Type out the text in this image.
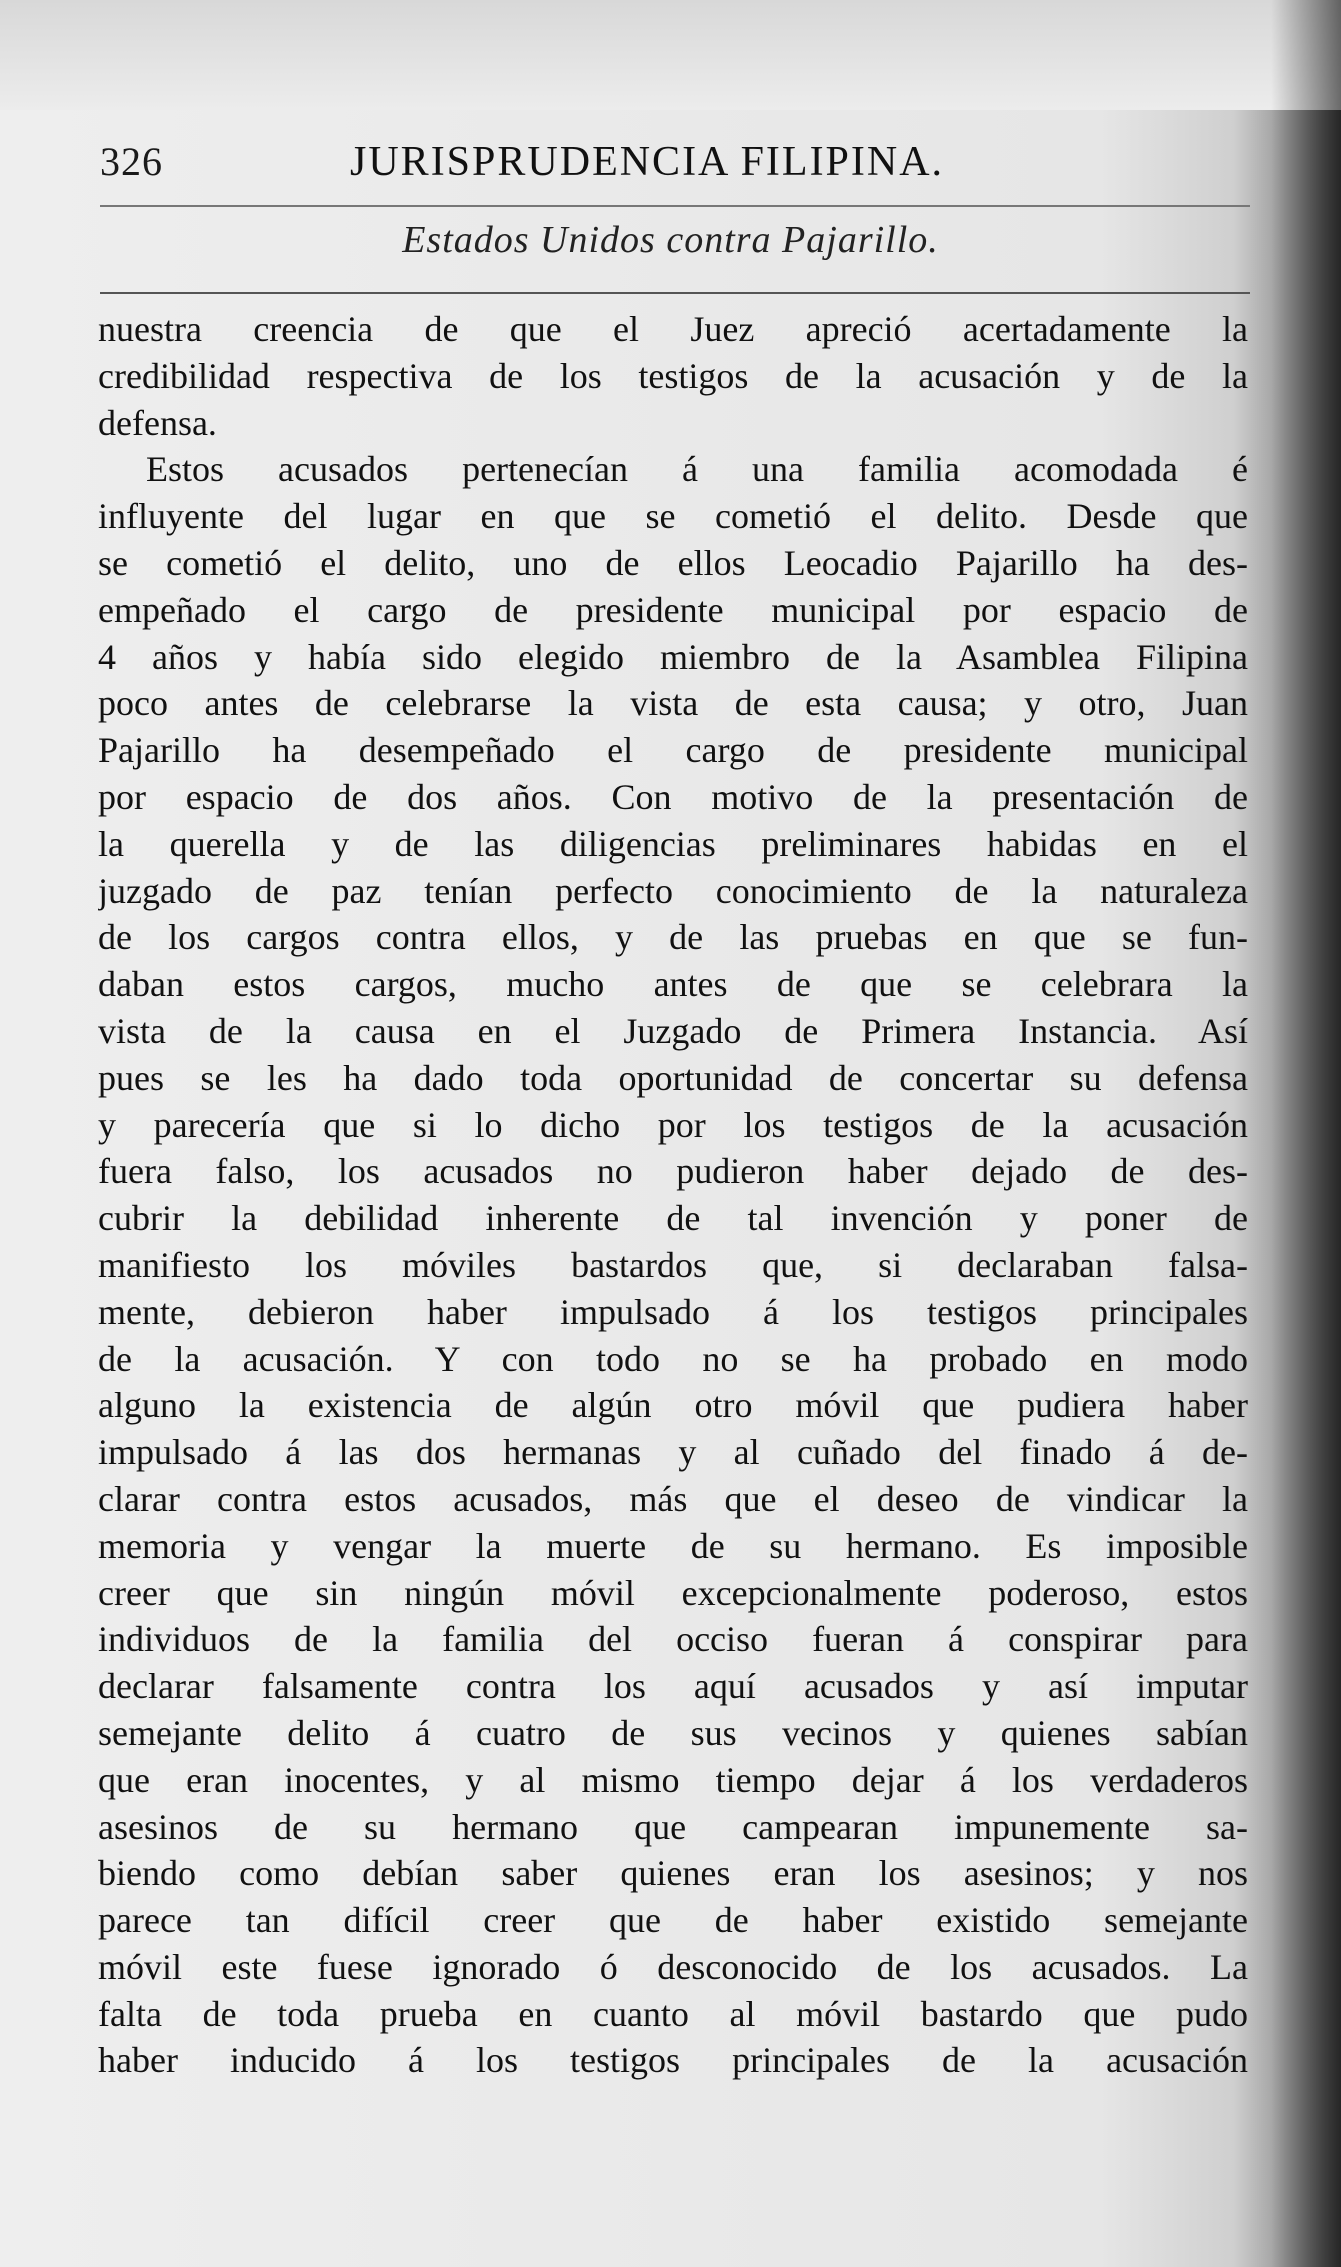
326	JURISPRUDENCIA FILIPINA.
Estados Unidos contra Pajarillo.
nuestra creencia de que el Juez apreció acertadamente la
credibilidad respectiva de los testigos de la acusación y de la
defensa.
Estos acusados pertenecían á una familia acomodada é
influyente del lugar en que se cometió el delito. Desde que
se cometió el delito, uno de ellos Leocadio Pajarillo ha des-
empeñado el cargo de presidente municipal por espacio de
4 años y había sido elegido miembro de la Asamblea Filipina
poco antes de celebrarse la vista de esta causa; y otro, Juan
Pajarillo ha desempeñado el cargo de presidente municipal
por espacio de dos años. Con motivo de la presentación de
la querella y de las diligencias preliminares habidas en el
juzgado de paz tenían perfecto conocimiento de la naturaleza
de los cargos contra ellos, y de las pruebas en que se fun-
daban estos cargos, mucho antes de que se celebrara la
vista de la causa en el Juzgado de Primera Instancia. Así
pues se les ha dado toda oportunidad de concertar su defensa
y parecería que si lo dicho por los testigos de la acusación
fuera falso, los acusados no pudieron haber dejado de des-
cubrir la debilidad inherente de tal invención y poner de
manifiesto los móviles bastardos que, si declaraban falsa-
mente, debieron haber impulsado á los testigos principales
de la acusación. Y con todo no se ha probado en modo
alguno la existencia de algún otro móvil que pudiera haber
impulsado á las dos hermanas y al cuñado del finado á de-
clarar contra estos acusados, más que el deseo de vindicar la
memoria y vengar la muerte de su hermano. Es imposible
creer que sin ningún móvil excepcionalmente poderoso, estos
individuos de la familia del occiso fueran á conspirar para
declarar falsamente contra los aquí acusados y así imputar
semejante delito á cuatro de sus vecinos y quienes sabían
que eran inocentes, y al mismo tiempo dejar á los verdaderos
asesinos de su hermano que campearan impunemente sa-
biendo como debían saber quienes eran los asesinos; y nos
parece tan difícil creer que de haber existido semejante
móvil este fuese ignorado ó desconocido de los acusados. La
falta de toda prueba en cuanto al móvil bastardo que pudo
haber inducido á los testigos principales de la acusación
